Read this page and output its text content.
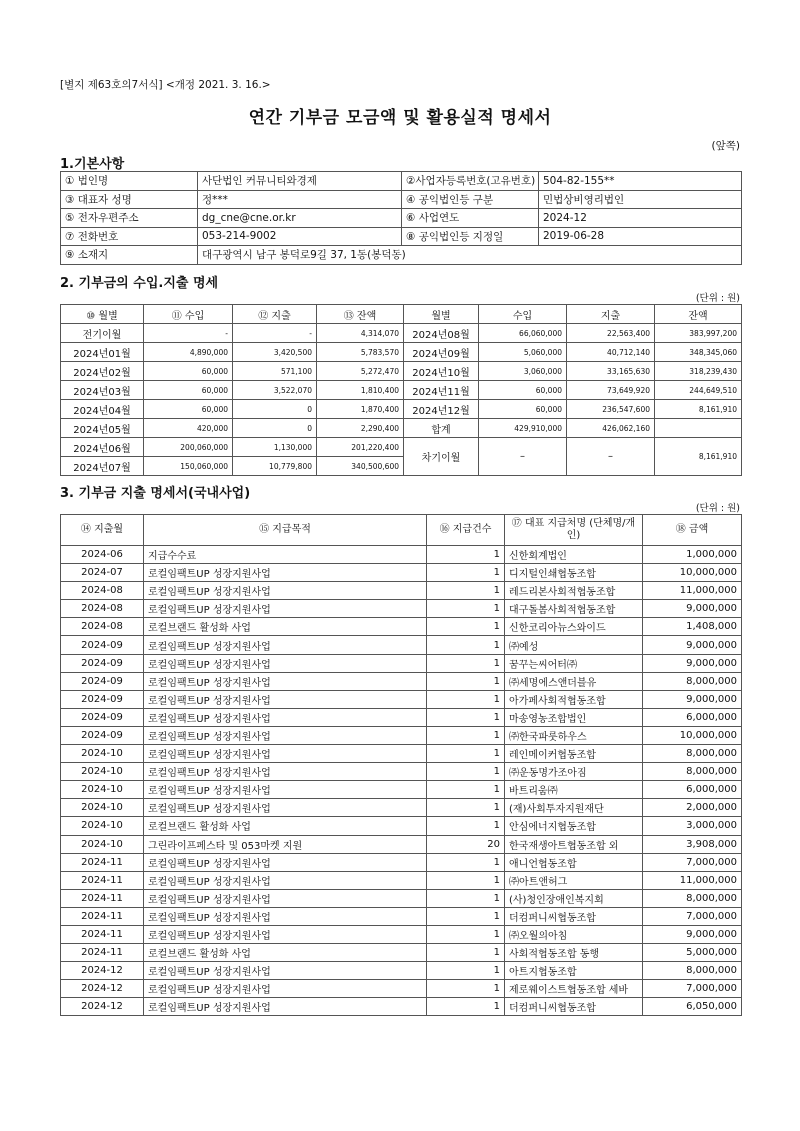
[별지 제63호의7서식] <개정 2021. 3. 16.>
연간 기부금 모금액 및 활용실적 명세서
(앞쪽)
1.기본사항
① 법인명	사단법인 커뮤니티와경제	②사업자등록번호(고유번호)	504-82-155**
③ 대표자 성명	정***	④ 공익법인등 구분	민법상비영리법인
⑤ 전자우편주소	dg_cne@cne.or.kr	⑥ 사업연도	2024-12
⑦ 전화번호	053-214-9002	⑧ 공익법인등 지정일	2019-06-28
⑨ 소재지	대구광역시 남구 봉덕로9길 37, 1동(봉덕동)		
2. 기부금의 수입.지출 명세
(단위 : 원)
⑩ 월별	⑪ 수입	⑫ 지출	⑬ 잔액	월별	수입	지출	잔액
전기이월	-	-	4,314,070	2024년08월	66,060,000	22,563,400	383,997,200
2024년01월	4,890,000	3,420,500	5,783,570	2024년09월	5,060,000	40,712,140	348,345,060
2024년02월	60,000	571,100	5,272,470	2024년10월	3,060,000	33,165,630	318,239,430
2024년03월	60,000	3,522,070	1,810,400	2024년11월	60,000	73,649,920	244,649,510
2024년04월	60,000	0	1,870,400	2024년12월	60,000	236,547,600	8,161,910
2024년05월	420,000	0	2,290,400	합계	429,910,000	426,062,160	
2024년06월	200,060,000	1,130,000	201,220,400	차기이월	–	–	8,161,910
2024년07월	150,060,000	10,779,800	340,500,600				
3. 기부금 지출 명세서(국내사업)
(단위 : 원)
⑭ 지출월	⑮ 지급목적	⑯ 지급건수	⑰ 대표 지급처명 (단체명/개인)	⑱ 금액
2024-06	지급수수료	1	신한회계법인	1,000,000
2024-07	로컬임팩트UP 성장지원사업	1	디지털인쇄협동조합	10,000,000
2024-08	로컬임팩트UP 성장지원사업	1	레드리본사회적협동조합	11,000,000
2024-08	로컬임팩트UP 성장지원사업	1	대구돌봄사회적협동조합	9,000,000
2024-08	로컬브랜드 활성화 사업	1	신한코리아뉴스와이드	1,408,000
2024-09	로컬임팩트UP 성장지원사업	1	㈜예성	9,000,000
2024-09	로컬임팩트UP 성장지원사업	1	꿈꾸는씨어터㈜	9,000,000
2024-09	로컬임팩트UP 성장지원사업	1	㈜세명에스앤더블유	8,000,000
2024-09	로컬임팩트UP 성장지원사업	1	아가페사회적협동조합	9,000,000
2024-09	로컬임팩트UP 성장지원사업	1	마송영농조합법인	6,000,000
2024-09	로컬임팩트UP 성장지원사업	1	㈜한국파룻하우스	10,000,000
2024-10	로컬임팩트UP 성장지원사업	1	레인메이커협동조합	8,000,000
2024-10	로컬임팩트UP 성장지원사업	1	㈜운동명가조아짐	8,000,000
2024-10	로컬임팩트UP 성장지원사업	1	바트리움㈜	6,000,000
2024-10	로컬임팩트UP 성장지원사업	1	(재)사회투자지원재단	2,000,000
2024-10	로컬브랜드 활성화 사업	1	안심에너지협동조합	3,000,000
2024-10	그린라이프페스타 및 053마켓 지원	20	한국재생아트협동조합 외	3,908,000
2024-11	로컬임팩트UP 성장지원사업	1	애니언협동조합	7,000,000
2024-11	로컬임팩트UP 성장지원사업	1	㈜아트앤허그	11,000,000
2024-11	로컬임팩트UP 성장지원사업	1	(사)청인장애인복지회	8,000,000
2024-11	로컬임팩트UP 성장지원사업	1	더컴퍼니씨협동조합	7,000,000
2024-11	로컬임팩트UP 성장지원사업	1	㈜오월의아침	9,000,000
2024-11	로컬브랜드 활성화 사업	1	사회적협동조합 동행	5,000,000
2024-12	로컬임팩트UP 성장지원사업	1	아트지협동조합	8,000,000
2024-12	로컬임팩트UP 성장지원사업	1	제로웨이스트협동조합 세바	7,000,000
2024-12	로컬임팩트UP 성장지원사업	1	더컴퍼니씨협동조합	6,050,000
